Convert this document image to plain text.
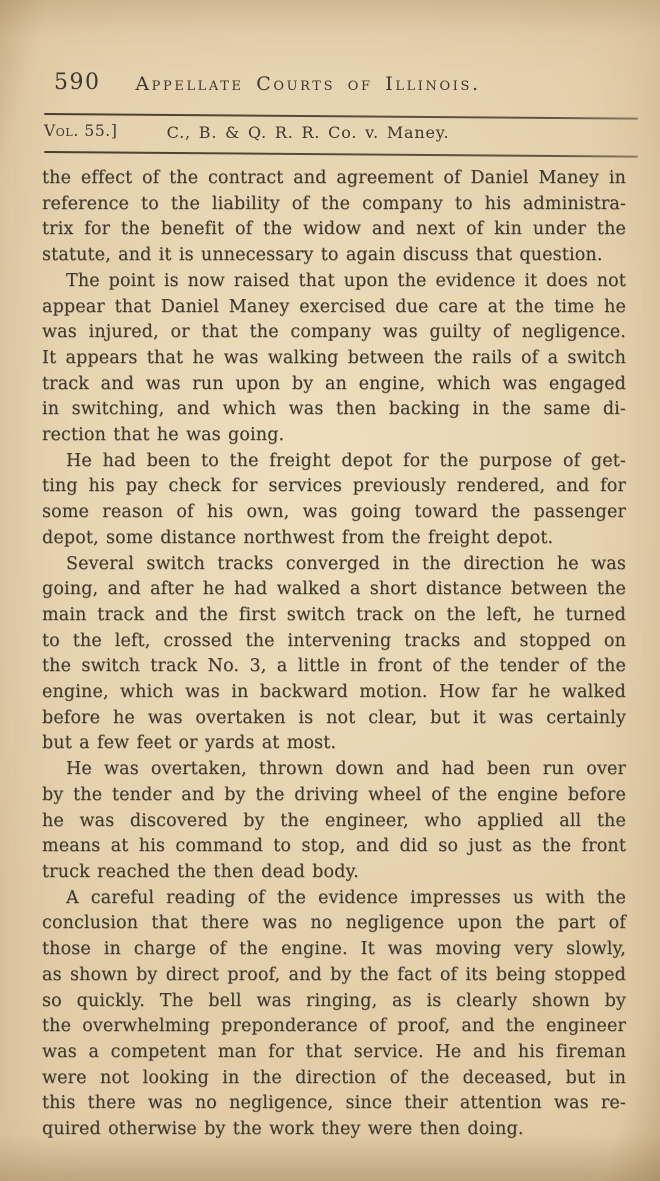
590	Appellate Courts of Illinois.
Vol. 55.]	C., B. & Q. R. R. Co. v. Maney.
the effect of the contract and agreement of Daniel Maney in
reference to the liability of the company to his administra-
trix for the benefit of the widow and next of kin under the
statute, and it is unnecessary to again discuss that question.
The point is now raised that upon the evidence it does not
appear that Daniel Maney exercised due care at the time he
was injured, or that the company was guilty of negligence.
It appears that he was walking between the rails of a switch
track and was run upon by an engine, which was engaged
in switching, and which was then backing in the same di-
rection that he was going.
He had been to the freight depot for the purpose of get-
ting his pay check for services previously rendered, and for
some reason of his own, was going toward the passenger
depot, some distance northwest from the freight depot.
Several switch tracks converged in the direction he was
going, and after he had walked a short distance between the
main track and the first switch track on the left, he turned
to the left, crossed the intervening tracks and stopped on
the switch track No. 3, a little in front of the tender of the
engine, which was in backward motion. How far he walked
before he was overtaken is not clear, but it was certainly
but a few feet or yards at most.
He was overtaken, thrown down and had been run over
by the tender and by the driving wheel of the engine before
he was discovered by the engineer, who applied all the
means at his command to stop, and did so just as the front
truck reached the then dead body.
A careful reading of the evidence impresses us with the
conclusion that there was no negligence upon the part of
those in charge of the engine. It was moving very slowly,
as shown by direct proof, and by the fact of its being stopped
so quickly. The bell was ringing, as is clearly shown by
the overwhelming preponderance of proof, and the engineer
was a competent man for that service. He and his fireman
were not looking in the direction of the deceased, but in
this there was no negligence, since their attention was re-
quired otherwise by the work they were then doing.
